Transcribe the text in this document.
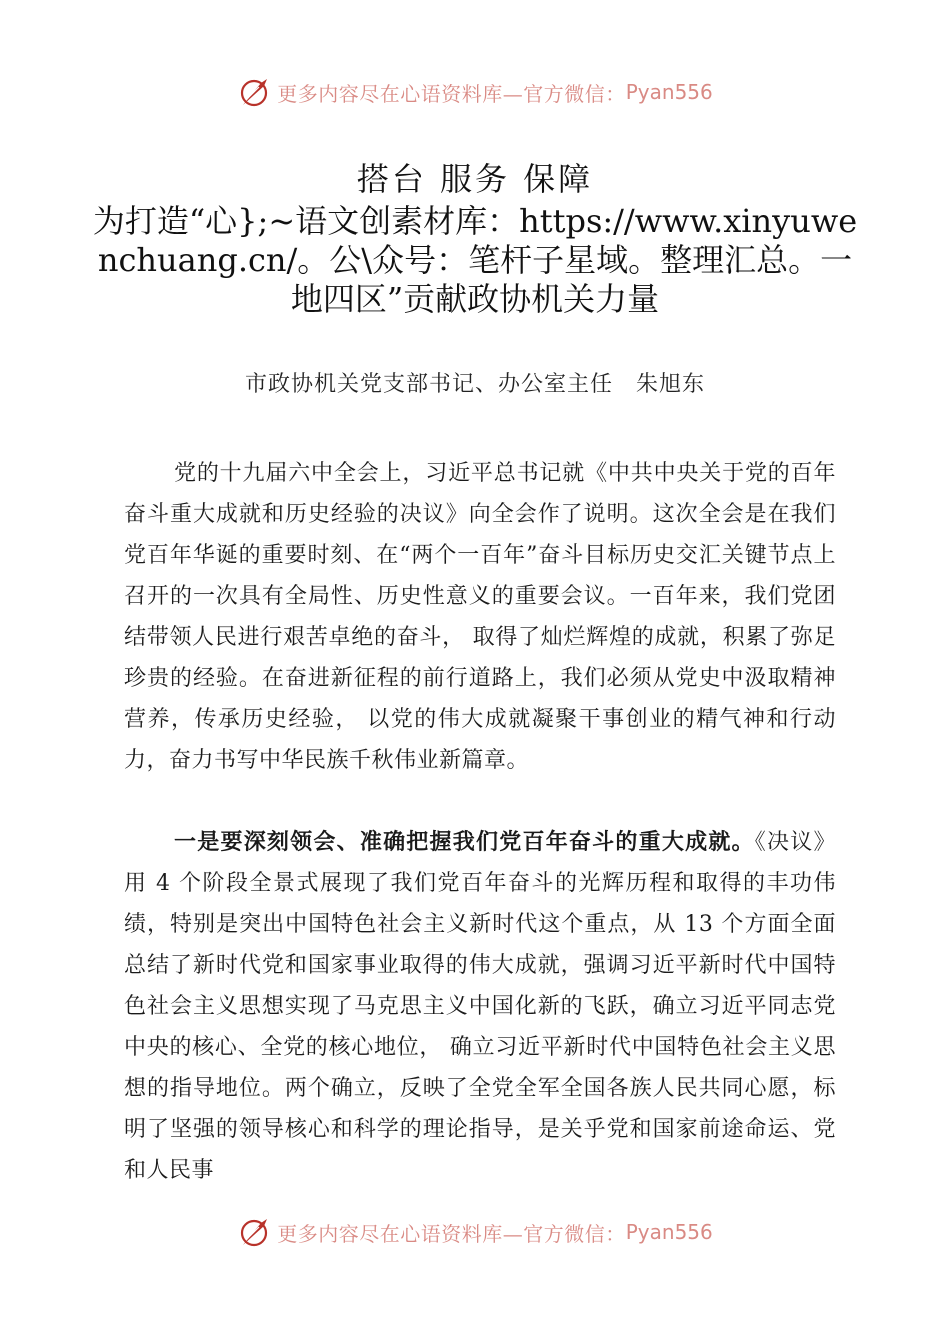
更多内容尽在心语资料库—官方微信： Pyan556
搭台 服务 保障
为打造“心};~语文创素材库：https://www.xinyuwenchuang.cn/。公\众号：笔杆子星域。整理汇总。一地四区”贡献政协机关力量
市政协机关党支部书记、办公室主任　朱旭东
党的十九届六中全会上，习近平总书记就《中共中央关于党的百年奋斗重大成就和历史经验的决议》向全会作了说明。这次全会是在我们党百年华诞的重要时刻、在“两个一百年”奋斗目标历史交汇关键节点上召开的一次具有全局性、历史性意义的重要会议。一百年来，我们党团结带领人民进行艰苦卓绝的奋斗， 取得了灿烂辉煌的成就，积累了弥足珍贵的经验。在奋进新征程的前行道路上，我们必须从党史中汲取精神营养，传承历史经验， 以党的伟大成就凝聚干事创业的精气神和行动力，奋力书写中华民族千秋伟业新篇章。
一是要深刻领会、准确把握我们党百年奋斗的重大成就。《决议》用 4 个阶段全景式展现了我们党百年奋斗的光辉历程和取得的丰功伟绩，特别是突出中国特色社会主义新时代这个重点，从 13 个方面全面总结了新时代党和国家事业取得的伟大成就，强调习近平新时代中国特色社会主义思想实现了马克思主义中国化新的飞跃，确立习近平同志党中央的核心、全党的核心地位， 确立习近平新时代中国特色社会主义思想的指导地位。两个确立，反映了全党全军全国各族人民共同心愿，标明了坚强的领导核心和科学的理论指导，是关乎党和国家前途命运、党和人民事
更多内容尽在心语资料库—官方微信： Pyan556
